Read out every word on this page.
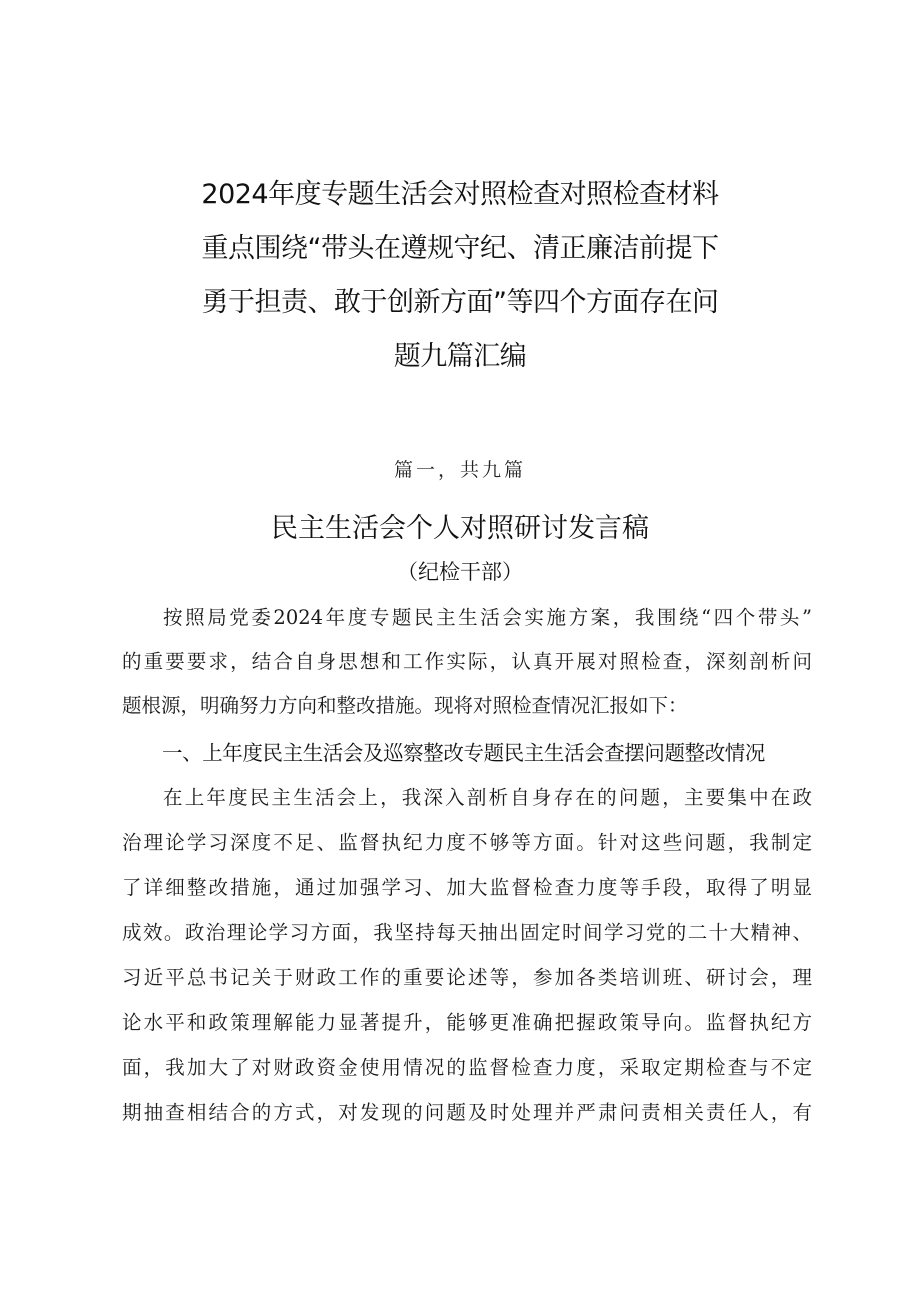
2024年度专题生活会对照检查对照检查材料
重点围绕“带头在遵规守纪、清正廉洁前提下
勇于担责、敢于创新方面”等四个方面存在问
题九篇汇编
篇一，共九篇
民主生活会个人对照研讨发言稿
（纪检干部）
按照局党委2024年度专题民主生活会实施方案，我围绕“四个带头”
的重要要求，结合自身思想和工作实际，认真开展对照检查，深刻剖析问
题根源，明确努力方向和整改措施。现将对照检查情况汇报如下：
一、上年度民主生活会及巡察整改专题民主生活会查摆问题整改情况
在上年度民主生活会上，我深入剖析自身存在的问题，主要集中在政
治理论学习深度不足、监督执纪力度不够等方面。针对这些问题，我制定
了详细整改措施，通过加强学习、加大监督检查力度等手段，取得了明显
成效。政治理论学习方面，我坚持每天抽出固定时间学习党的二十大精神、
习近平总书记关于财政工作的重要论述等，参加各类培训班、研讨会，理
论水平和政策理解能力显著提升，能够更准确把握政策导向。监督执纪方
面，我加大了对财政资金使用情况的监督检查力度，采取定期检查与不定
期抽查相结合的方式，对发现的问题及时处理并严肃问责相关责任人，有
